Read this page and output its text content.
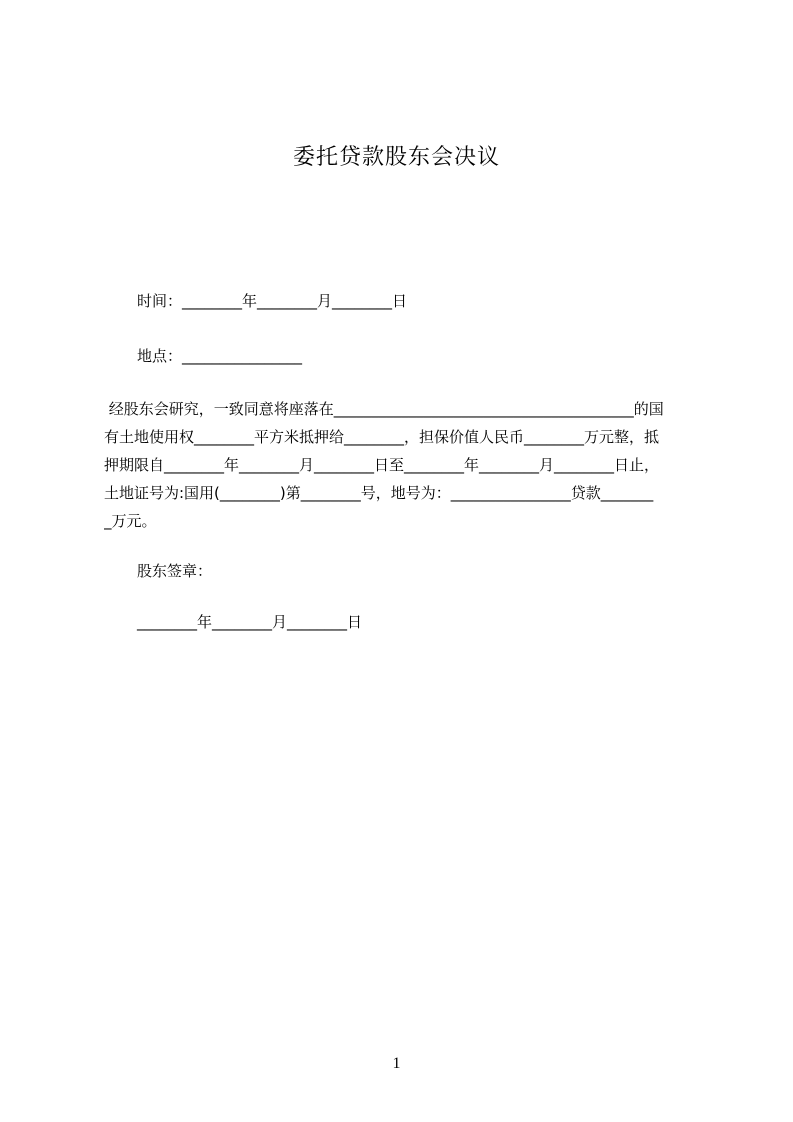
委托贷款股东会决议
时间：________年________月________日
地点：________________
经股东会研究，一致同意将座落在________________________________________的国
有土地使用权________平方米抵押给________，担保价值人民币________万元整，抵
押期限自________年________月________日至________年________月________日止，
土地证号为:国用(________)第________号，地号为：________________贷款_______
_万元。
股东签章：
________年________月________日
1
